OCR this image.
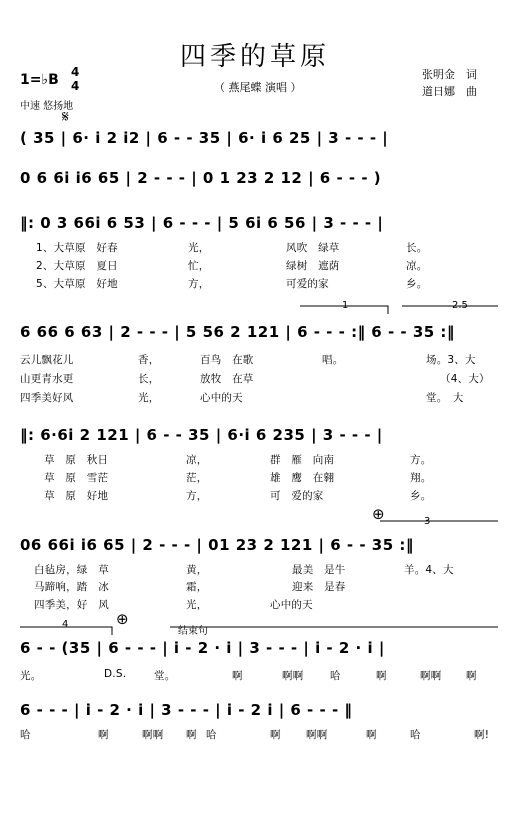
四季的草原
（ 燕尾蝶 演唱 ）
张明金　词
道日娜　曲
1=♭B 4
4
中速 悠扬地
𝄋
( 35 | 6· i 2 i2 | 6 - - 35 | 6· i 6 25 | 3 - - - |
0 6 6i i6 65 | 2 - - - | 0 1 23 2 12 | 6 - - - )
‖: 0 3 66i 6 53 | 6 - - - | 5 6i 6 56 | 3 - - - |
6 66 6 63 | 2 - - - | 5 56 2 121 | 6 - - - :‖ 6 - - 35 :‖
‖: 6·6i 2 121 | 6 - - 35 | 6·i 6 235 | 3 - - - |
06 66i i6 65 | 2 - - - | 01 23 2 121 | 6 - - 35 :‖
6 - - (35 | 6 - - - | i - 2 · i | 3 - - - | i - 2 · i |
6 - - - | i - 2 · i | 3 - - - | i - 2 i | 6 - - - ‖
1、大草原　好春	光，	风吹　绿草	长。
2、大草原　夏日	忙，	绿树　遮荫	凉。
5、大草原　好地	方，	可爱的家	乡。
云儿飘花儿	香，	百鸟　在歌	唱。	场。3、大
山更青水更	长，	放牧　在草	（4、大）
四季美好风	光，	心中的天	堂。　大
草　原　秋日	凉，	群　雁　向南	方。
草　原　雪茫	茫，	雄　鹰　在翱	翔。
草　原　好地	方，	可　爱的家	乡。
白毡房，绿　草	黄，	最美　是牛	羊。4、大
马蹄响，踏　冰	霜，	迎来　是春
四季美，好　风	光，	心中的天
光。	D.S.	堂。	啊	啊啊	哈	啊	啊啊 啊
哈	啊	啊啊 啊 哈	啊 啊啊	啊	哈	啊!
1	2.5
3
4
结束句
⊕
⊕
